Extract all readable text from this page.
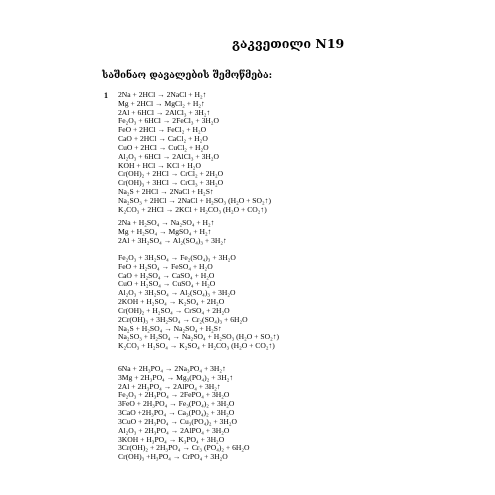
გაკვეთილი N19
საშინაო დავალების შემოწმება:
1 2Na + 2HCl → 2NaCl + H₂↑
Mg + 2HCl → MgCl₂ + H₂↑
2Al + 6HCl → 2AlCl₃ + 3H₂↑
Fe₂O₃ + 6HCl → 2FeCl₃ + 3H₂O
FeO + 2HCl → FeCl₂ + H₂O
CaO + 2HCl → CaCl₂ + H₂O
CuO + 2HCl → CuCl₂ + H₂O
Al₂O₃ + 6HCl → 2AlCl₃ + 3H₂O
KOH + HCl → KCl + H₂O
Cr(OH)₂ + 2HCl → CrCl₂ + 2H₂O
Cr(OH)₃ + 3HCl → CrCl₃ + 3H₂O
Na₂S + 2HCl → 2NaCl + H₂S↑
Na₂SO₃ + 2HCl → 2NaCl + H₂SO₃ (H₂O + SO₂↑)
K₂CO₃ + 2HCl → 2KCl + H₂CO₃ (H₂O + CO₂↑)
2Na + H₂SO₄ → Na₂SO₄ + H₂↑
Mg + H₂SO₄ → MgSO₄ + H₂↑
2Al + 3H₂SO₄ → Al₂(SO₄)₃ + 3H₂↑
Fe₂O₃ + 3H₂SO₄ → Fe₂(SO₄)₃ + 3H₂O
FeO + H₂SO₄ → FeSO₄ + H₂O
CaO + H₂SO₄ → CaSO₄ + H₂O
CuO + H₂SO₄ → CuSO₄ + H₂O
Al₂O₃ + 3H₂SO₄ → Al₂(SO₄)₃ + 3H₂O
2KOH + H₂SO₄ → K₂SO₄ + 2H₂O
Cr(OH)₂ + H₂SO₄ → CrSO₄ + 2H₂O
2Cr(OH)₃ + 3H₂SO₄ → Cr₂(SO₄)₃ + 6H₂O
Na₂S + H₂SO₄ → Na₂SO₄ + H₂S↑
Na₂SO₃ + H₂SO₄ → Na₂SO₄ + H₂SO₃ (H₂O + SO₂↑)
K₂CO₃ + H₂SO₄ → K₂SO₄ + H₂CO₃ (H₂O + CO₂↑)
6Na + 2H₃PO₄ → 2Na₃PO₄ + 3H₂↑
3Mg + 2H₃PO₄ → Mg₃(PO₄)₂ + 3H₂↑
2Al + 2H₃PO₄ → 2AlPO₄ + 3H₂↑
Fe₂O₃ + 2H₃PO₄ → 2FePO₄ + 3H₂O
3FeO + 2H₃PO₄ → Fe₃(PO₄)₂ + 3H₂O
3CaO +2H₃PO₄ → Ca₃(PO₄)₂ + 3H₂O
3CuO + 2H₃PO₄ → Cu₃(PO₄)₂ + 3H₂O
Al₂O₃ + 2H₃PO₄ → 2AlPO₄ + 3H₂O
3KOH + H₃PO₄ → K₃PO₄ + 3H₂O
3Cr(OH)₂ + 2H₃PO₄ → Cr₃ (PO₄)₂ + 6H₂O
Cr(OH)₃ +H₃PO₄ → CrPO₄ + 3H₂O
